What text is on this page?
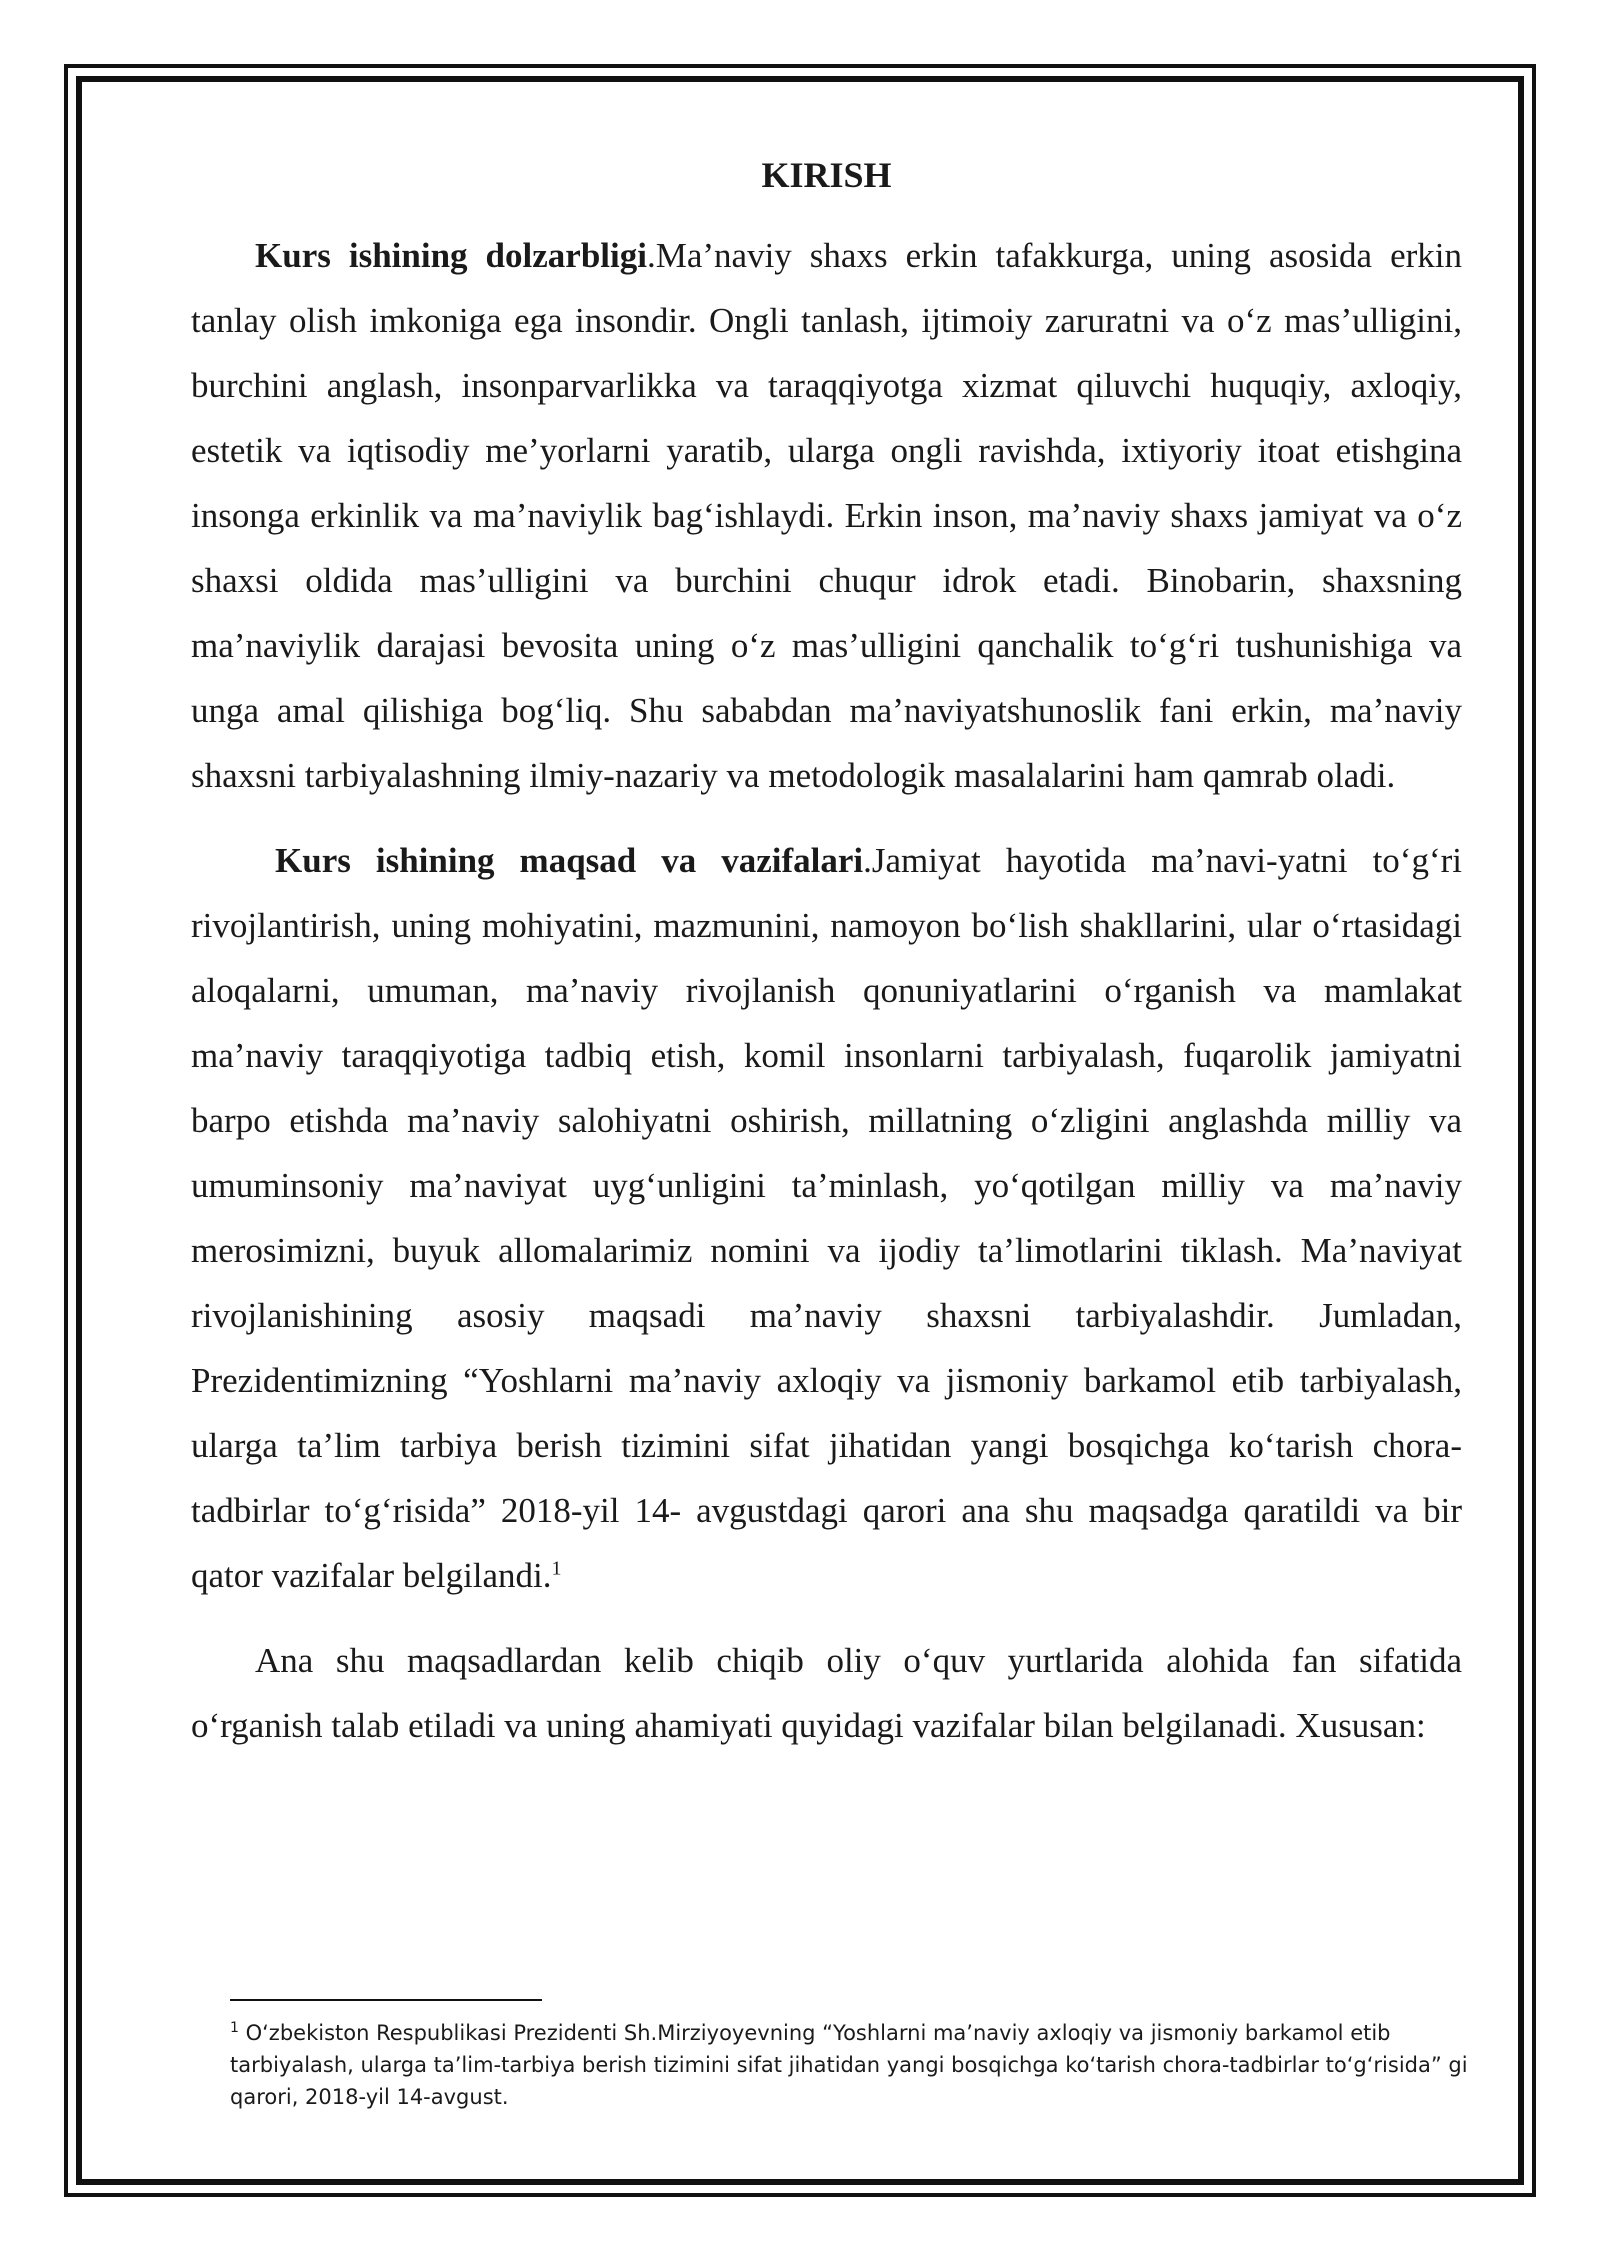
KIRISH

Kurs ishining dolzarbligi.Ma’naviy shaxs erkin tafakkurga, uning asosida erkin tanlay olish imkoniga ega insondir. Ongli tanlash, ijtimoiy zaruratni va o‘z mas’ulligini, burchini anglash, insonparvarlikka va taraqqiyotga xizmat qiluvchi huquqiy, axloqiy, estetik va iqtisodiy me’yorlarni yaratib, ularga ongli ravishda, ixtiyoriy itoat etishgina insonga erkinlik va ma’naviylik bag‘ishlaydi. Erkin inson, ma’naviy shaxs jamiyat va o‘z shaxsi oldida mas’ulligini va burchini chuqur idrok etadi. Binobarin, shaxsning ma’naviylik darajasi bevosita uning o‘z mas’ulligini qanchalik to‘g‘ri tushunishiga va unga amal qilishiga bog‘liq. Shu sababdan ma’naviyatshunoslik fani erkin, ma’naviy shaxsni tarbiyalashning ilmiy-nazariy va metodologik masalalarini ham qamrab oladi.

Kurs ishining maqsad va vazifalari.Jamiyat hayotida ma’navi-yatni to‘g‘ri rivojlantirish, uning mohiyatini, mazmunini, namoyon bo‘lish shakllarini, ular o‘rtasidagi aloqalarni, umuman, ma’naviy rivojlanish qonuniyatlarini o‘rganish va mamlakat ma’naviy taraqqiyotiga tadbiq etish, komil insonlarni tarbiyalash, fuqarolik jamiyatni barpo etishda ma’naviy salohiyatni oshirish, millatning o‘zligini anglashda milliy va umuminsoniy ma’naviyat uyg‘unligini ta’minlash, yo‘qotilgan milliy va ma’naviy merosimizni, buyuk allomalarimiz nomini va ijodiy ta’limotlarini tiklash. Ma’naviyat rivojlanishining asosiy maqsadi ma’naviy shaxsni tarbiyalashdir. Jumladan, Prezidentimizning “Yoshlarni ma’naviy axloqiy va jismoniy barkamol etib tarbiyalash, ularga ta’lim tarbiya berish tizimini sifat jihatidan yangi bosqichga ko‘tarish chora-tadbirlar to‘g‘risida” 2018-yil 14- avgustdagi qarori ana shu maqsadga qaratildi va bir qator vazifalar belgilandi.$^1$

Ana shu maqsadlardan kelib chiqib oliy o‘quv yurtlarida alohida fan sifatida o‘rganish talab etiladi va uning ahamiyati quyidagi vazifalar bilan belgilanadi. Xususan:

$^1$ O‘zbekiston Respublikasi Prezidenti Sh.Mirziyoyevning “Yoshlarni ma’naviy axloqiy va jismoniy barkamol etib tarbiyalash, ularga ta’lim-tarbiya berish tizimini sifat jihatidan yangi bosqichga ko‘tarish chora-tadbirlar to‘g‘risida” gi qarori, 2018-yil 14-avgust.
